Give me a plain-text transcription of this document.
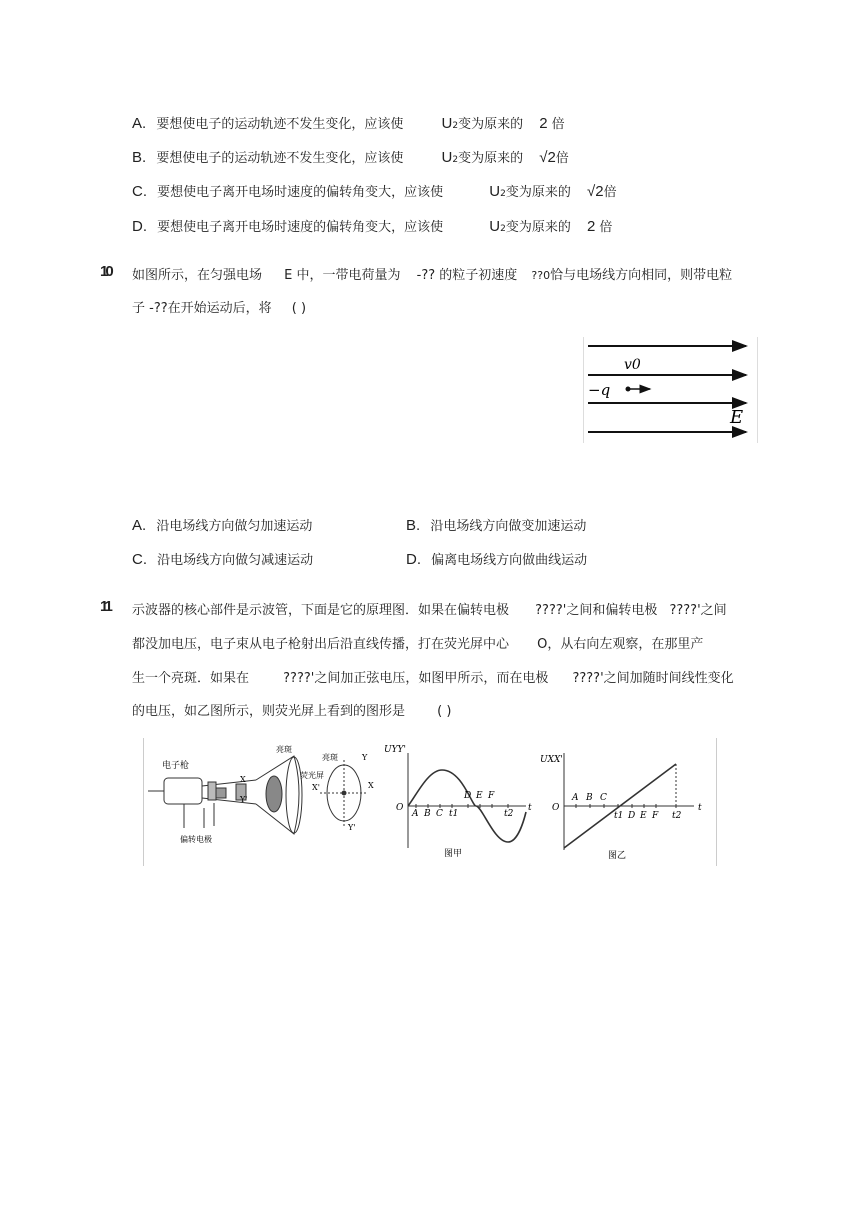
A. 要想使电子的运动轨迹不发生变化，应该使	U2变为原来的 2 倍
B. 要想使电子的运动轨迹不发生变化，应该使	U2变为原来的 √2倍
C. 要想使电子离开电场时速度的偏转角变大，应该使	U2变为原来的 √2倍
D. 要想使电子离开电场时速度的偏转角变大，应该使	U2变为原来的 2 倍
10 如图所示，在匀强电场 E 中，一带电荷量为 -?? 的粒子初速度 ??0恰与电场线方向相同，则带电粒
子 -??在开始运动后，将 ( )
v0
−q
E
A. 沿电场线方向做匀加速运动	B. 沿电场线方向做变加速运动
C. 沿电场线方向做匀减速运动	D. 偏离电场线方向做曲线运动
11 示波器的核心部件是示波管，下面是它的原理图．如果在偏转电极 ????'之间和偏转电极 ????'之间
都没加电压，电子束从电子枪射出后沿直线传播，打在荧光屏中心 O，从右向左观察，在那里产
生一个亮斑．如果在	????'之间加正弦电压，如图甲所示，而在电极 ????'之间加随时间线性变化
的电压，如乙图所示，则荧光屏上看到的图形是 ( )
电子枪
亮斑
荧光屏
偏转电极
X
Y'
亮斑	Y
X
X'
Y'
UYY'
O	t
A B C t1
D E F
t2
图甲
UXX'
O	t
A B C
t1 D E F t2
图乙
